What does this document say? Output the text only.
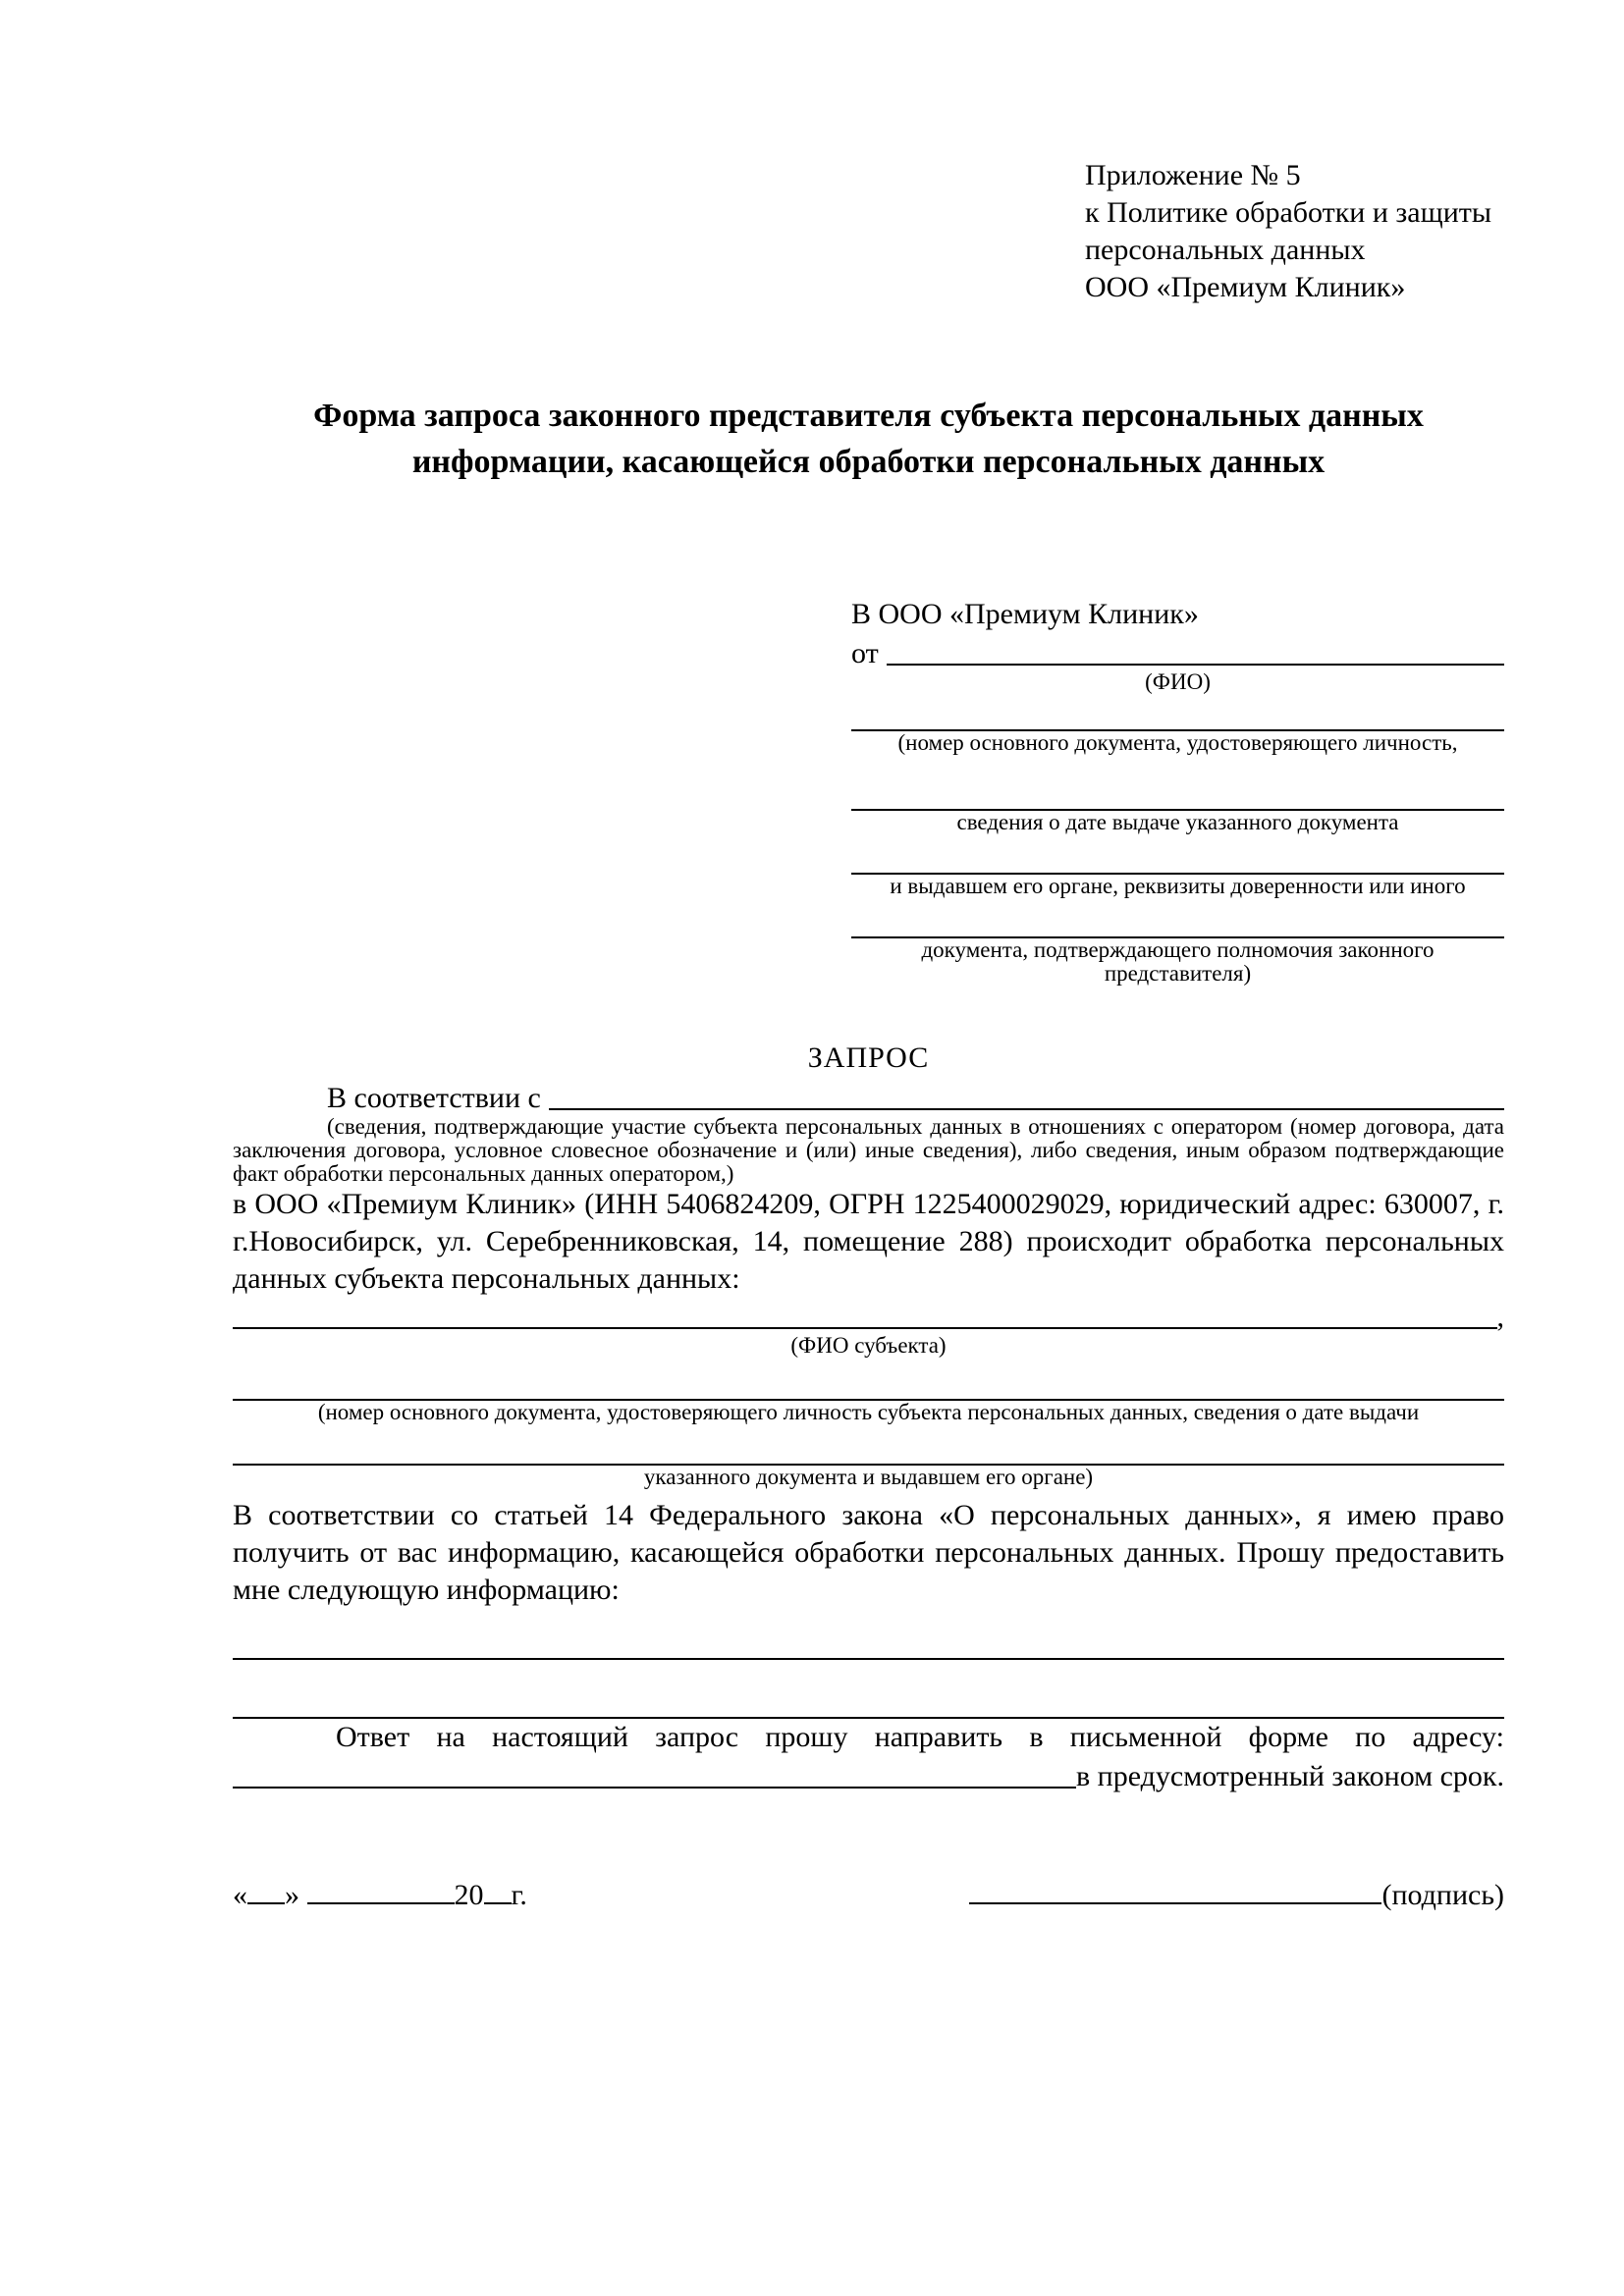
Приложение № 5
к Политике обработки и защиты
персональных данных
ООО «Премиум Клиник»
Форма запроса законного представителя субъекта персональных данных информации, касающейся обработки персональных данных
В ООО «Премиум Клиник»
от
(ФИО)
(номер основного документа, удостоверяющего личность,
сведения о дате выдаче указанного документа
и выдавшем его органе, реквизиты доверенности или иного
документа, подтверждающего полномочия законного представителя)
ЗАПРОС
В соответствии с

(сведения, подтверждающие участие субъекта персональных данных в отношениях с оператором (номер договора, дата заключения договора, условное словесное обозначение и (или) иные сведения), либо сведения, иным образом подтверждающие факт обработки персональных данных оператором,)

в ООО «Премиум Клиник» (ИНН 5406824209, ОГРН 1225400029029, юридический адрес: 630007, г. г.Новосибирск, ул. Серебренниковская, 14, помещение 288) происходит обработка персональных данных субъекта персональных данных:

,
(ФИО субъекта)
(номер основного документа, удостоверяющего личность субъекта персональных данных, сведения о дате выдачи
указанного документа и выдавшем его органе)

В соответствии со статьей 14 Федерального закона «О персональных данных», я имею право получить от вас информацию, касающейся обработки персональных данных. Прошу предоставить мне следующую информацию:

Ответ на настоящий запрос прошу направить в письменной форме по адресу:

в предусмотренный законом срок.
« »	20 г.	(подпись)
